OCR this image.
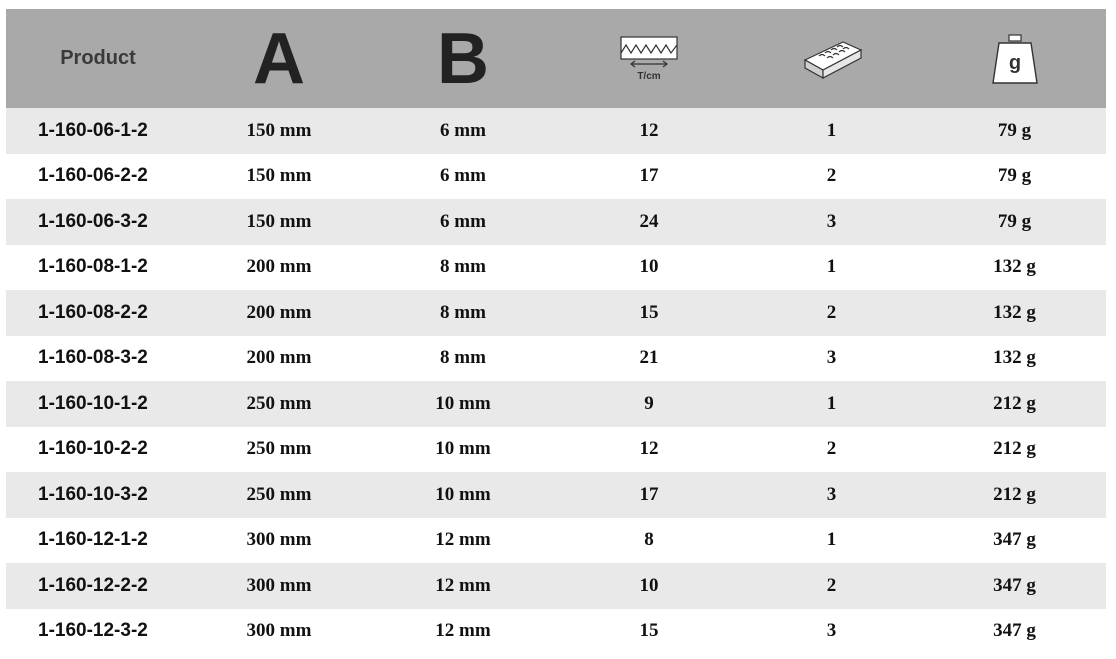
Product	A	B	T/cm		g

1-160-06-1-2	150 mm	6 mm	12	1	79 g
1-160-06-2-2	150 mm	6 mm	17	2	79 g
1-160-06-3-2	150 mm	6 mm	24	3	79 g
1-160-08-1-2	200 mm	8 mm	10	1	132 g
1-160-08-2-2	200 mm	8 mm	15	2	132 g
1-160-08-3-2	200 mm	8 mm	21	3	132 g
1-160-10-1-2	250 mm	10 mm	9	1	212 g
1-160-10-2-2	250 mm	10 mm	12	2	212 g
1-160-10-3-2	250 mm	10 mm	17	3	212 g
1-160-12-1-2	300 mm	12 mm	8	1	347 g
1-160-12-2-2	300 mm	12 mm	10	2	347 g
1-160-12-3-2	300 mm	12 mm	15	3	347 g
